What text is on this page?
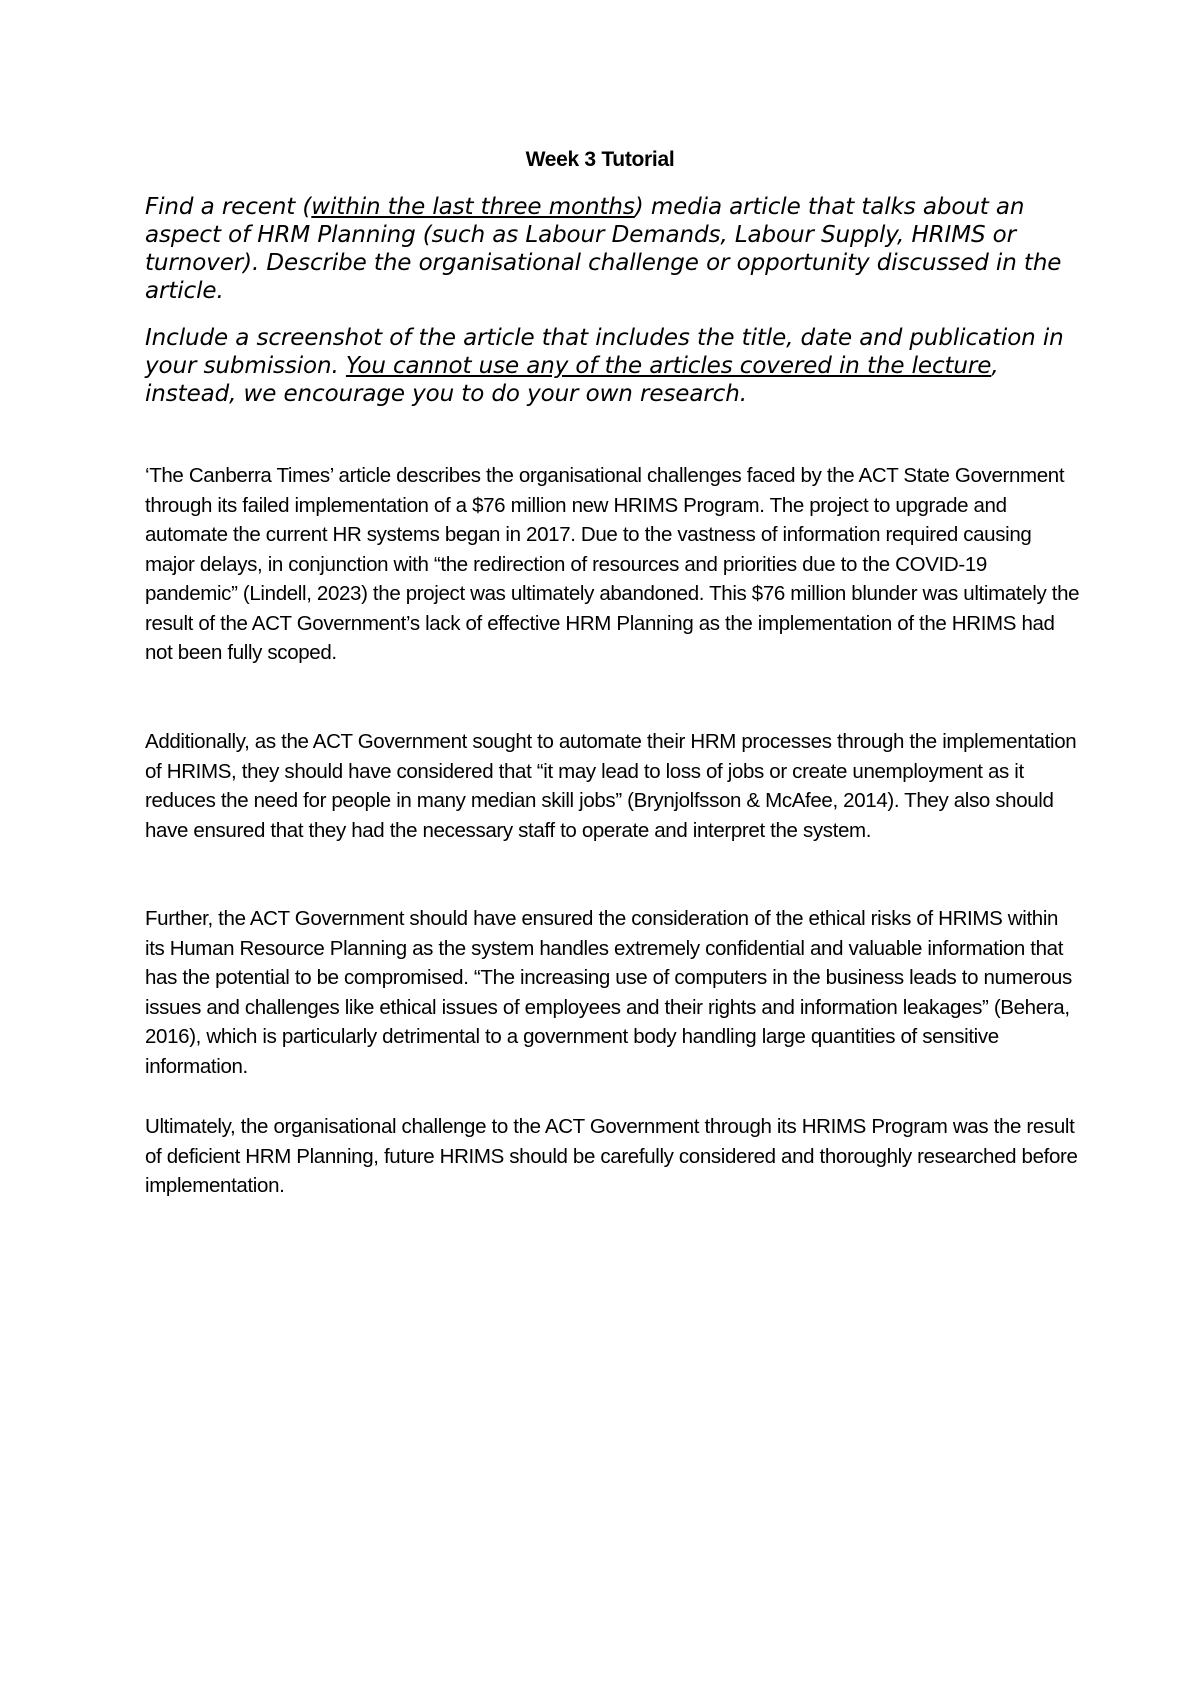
Week 3 Tutorial

Find a recent (within the last three months) media article that talks about an aspect of HRM Planning (such as Labour Demands, Labour Supply, HRIMS or turnover). Describe the organisational challenge or opportunity discussed in the article.

Include a screenshot of the article that includes the title, date and publication in your submission. You cannot use any of the articles covered in the lecture, instead, we encourage you to do your own research.

‘The Canberra Times’ article describes the organisational challenges faced by the ACT State Government through its failed implementation of a $76 million new HRIMS Program. The project to upgrade and automate the current HR systems began in 2017. Due to the vastness of information required causing major delays, in conjunction with “the redirection of resources and priorities due to the COVID-19 pandemic” (Lindell, 2023) the project was ultimately abandoned. This $76 million blunder was ultimately the result of the ACT Government’s lack of effective HRM Planning as the implementation of the HRIMS had not been fully scoped.

Additionally, as the ACT Government sought to automate their HRM processes through the implementation of HRIMS, they should have considered that “it may lead to loss of jobs or create unemployment as it reduces the need for people in many median skill jobs” (Brynjolfsson & McAfee, 2014). They also should have ensured that they had the necessary staff to operate and interpret the system.

Further, the ACT Government should have ensured the consideration of the ethical risks of HRIMS within its Human Resource Planning as the system handles extremely confidential and valuable information that has the potential to be compromised. “The increasing use of computers in the business leads to numerous issues and challenges like ethical issues of employees and their rights and information leakages” (Behera, 2016), which is particularly detrimental to a government body handling large quantities of sensitive information.

Ultimately, the organisational challenge to the ACT Government through its HRIMS Program was the result of deficient HRM Planning, future HRIMS should be carefully considered and thoroughly researched before implementation.
